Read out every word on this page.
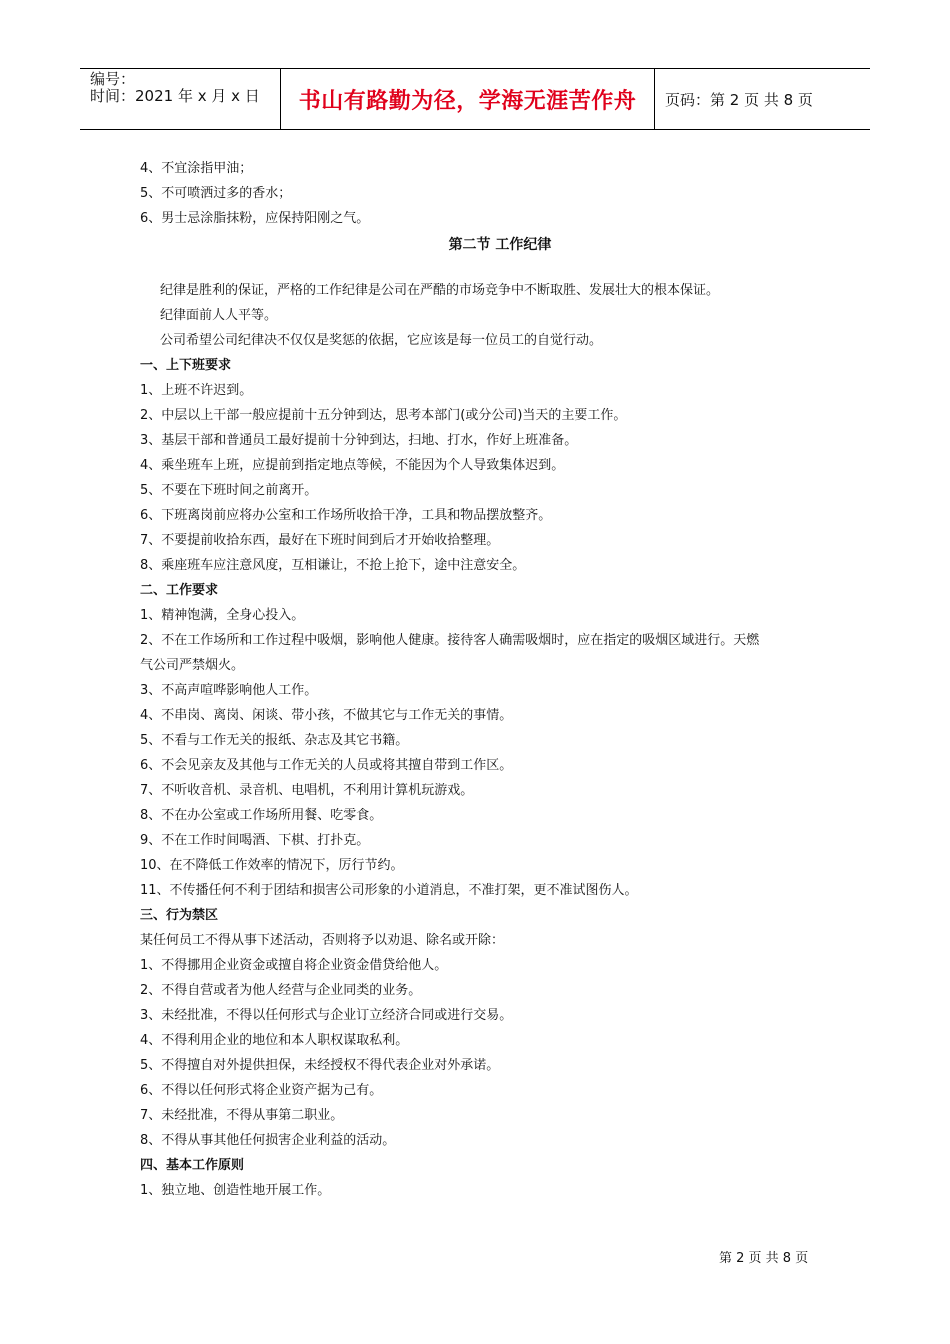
编号：
时间：2021 年 x 月 x 日	书山有路勤为径，学海无涯苦作舟	页码：第 2 页 共 8 页
4、不宜涂指甲油；
5、不可喷洒过多的香水；
6、男士忌涂脂抹粉，应保持阳刚之气。
第二节 工作纪律
纪律是胜利的保证，严格的工作纪律是公司在严酷的市场竞争中不断取胜、发展壮大的根本保证。
纪律面前人人平等。
公司希望公司纪律决不仅仅是奖惩的依据，它应该是每一位员工的自觉行动。
一、上下班要求
1、上班不许迟到。
2、中层以上干部一般应提前十五分钟到达，思考本部门(或分公司)当天的主要工作。
3、基层干部和普通员工最好提前十分钟到达，扫地、打水，作好上班准备。
4、乘坐班车上班，应提前到指定地点等候，不能因为个人导致集体迟到。
5、不要在下班时间之前离开。
6、下班离岗前应将办公室和工作场所收拾干净，工具和物品摆放整齐。
7、不要提前收拾东西，最好在下班时间到后才开始收拾整理。
8、乘座班车应注意风度，互相谦让，不抢上抢下，途中注意安全。
二、工作要求
1、精神饱满，全身心投入。
2、不在工作场所和工作过程中吸烟，影响他人健康。接待客人确需吸烟时，应在指定的吸烟区域进行。天燃
气公司严禁烟火。
3、不高声喧哗影响他人工作。
4、不串岗、离岗、闲谈、带小孩，不做其它与工作无关的事情。
5、不看与工作无关的报纸、杂志及其它书籍。
6、不会见亲友及其他与工作无关的人员或将其擅自带到工作区。
7、不听收音机、录音机、电唱机，不利用计算机玩游戏。
8、不在办公室或工作场所用餐、吃零食。
9、不在工作时间喝酒、下棋、打扑克。
10、在不降低工作效率的情况下，厉行节约。
11、不传播任何不利于团结和损害公司形象的小道消息，不准打架，更不准试图伤人。
三、行为禁区
某任何员工不得从事下述活动，否则将予以劝退、除名或开除：
1、不得挪用企业资金或擅自将企业资金借贷给他人。
2、不得自营或者为他人经营与企业同类的业务。
3、未经批准，不得以任何形式与企业订立经济合同或进行交易。
4、不得利用企业的地位和本人职权谋取私利。
5、不得擅自对外提供担保，未经授权不得代表企业对外承诺。
6、不得以任何形式将企业资产据为己有。
7、未经批准，不得从事第二职业。
8、不得从事其他任何损害企业利益的活动。
四、基本工作原则
1、独立地、创造性地开展工作。
第 2 页 共 8 页
